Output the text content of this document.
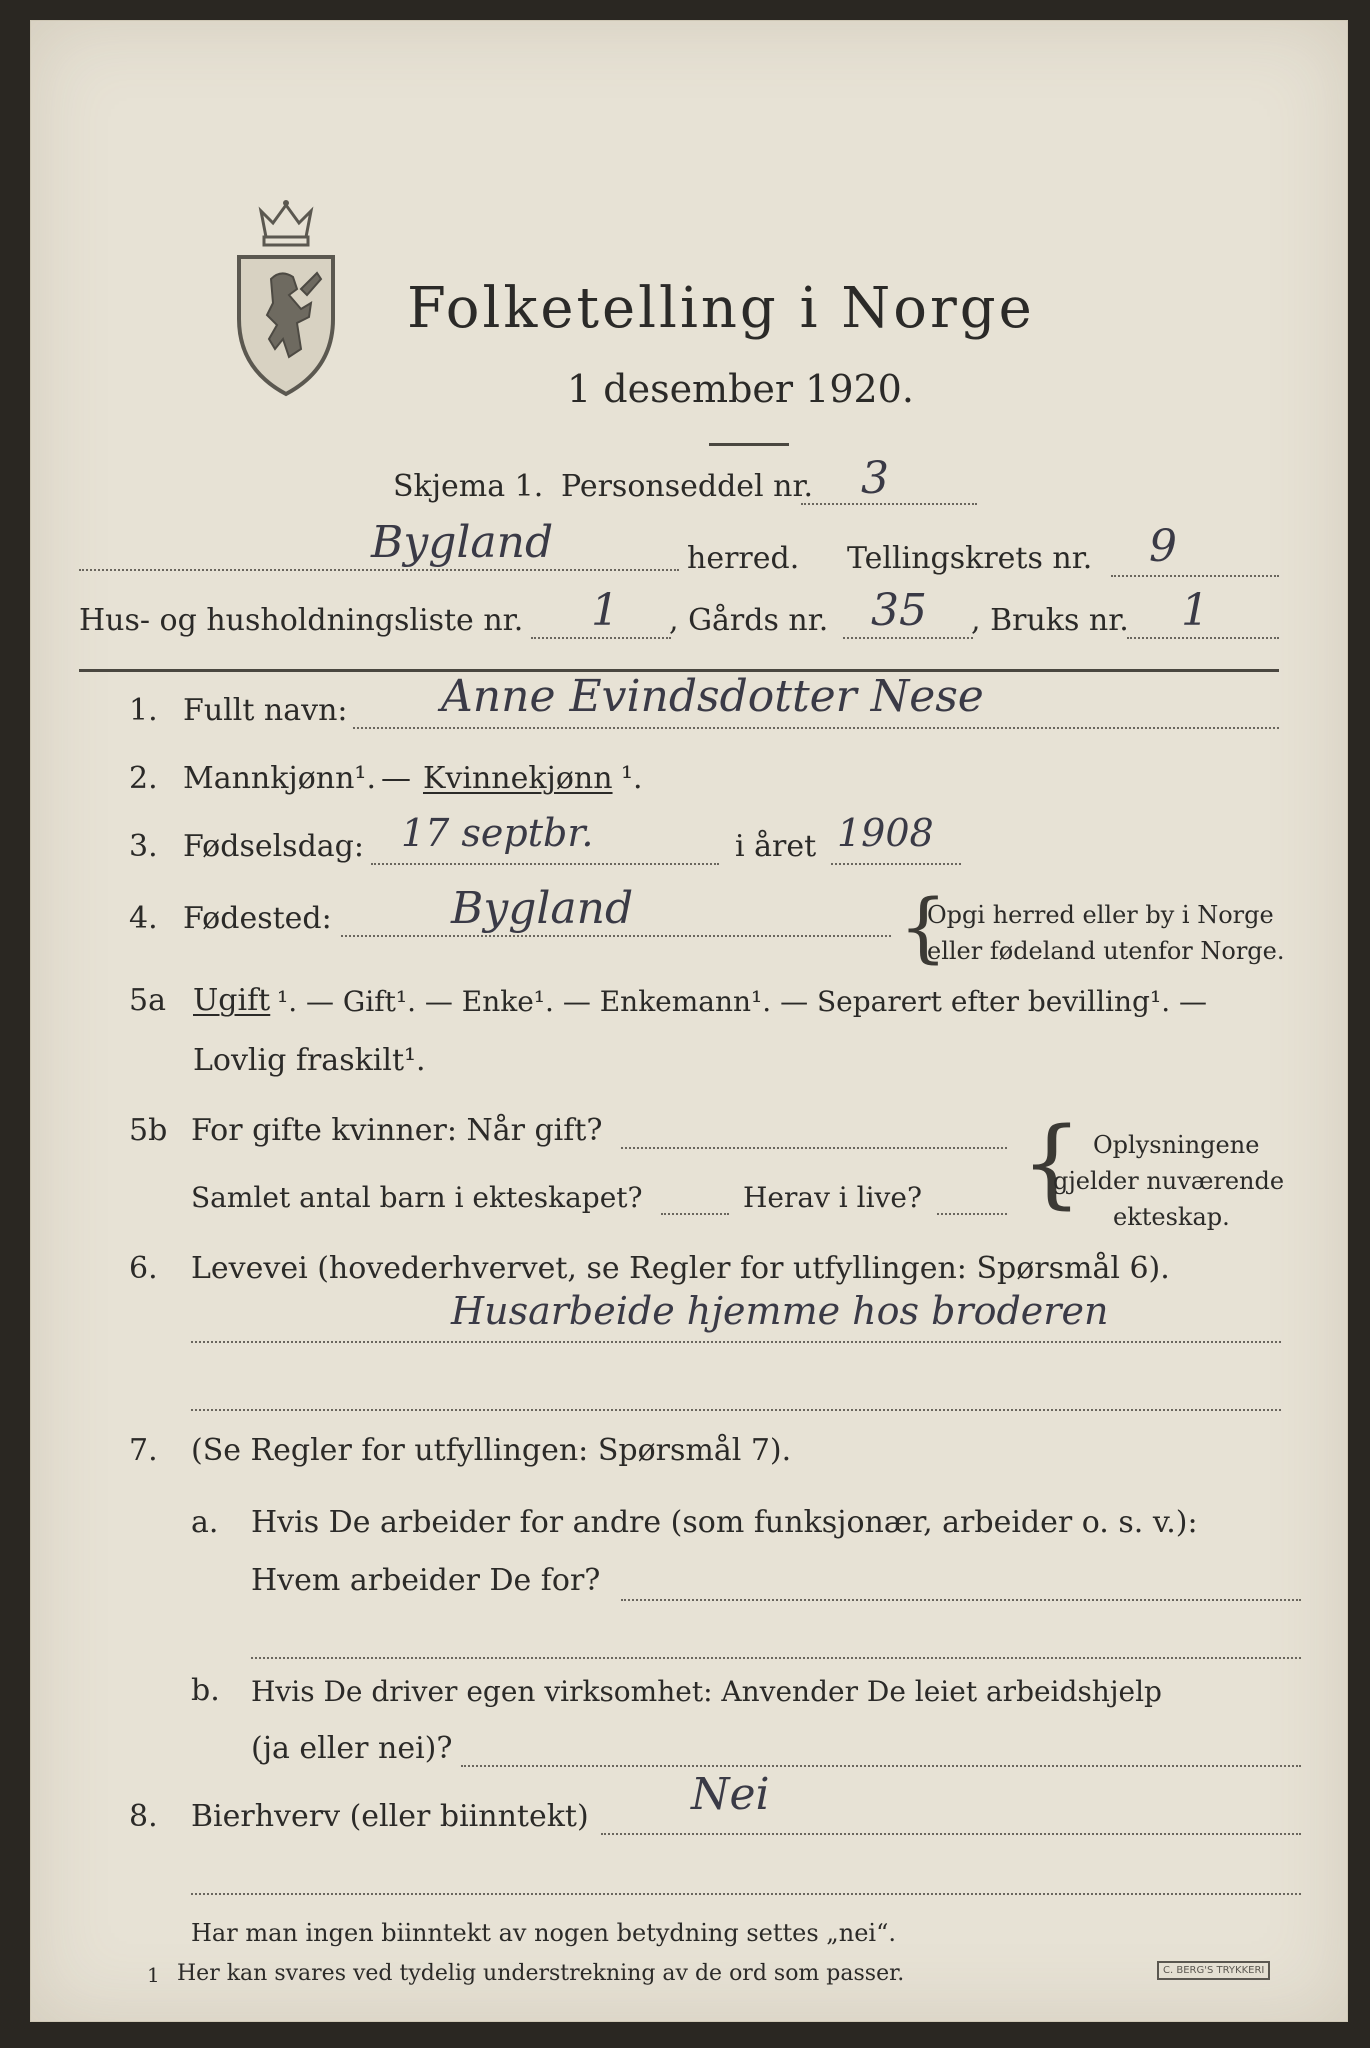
Folketelling i Norge
1 desember 1920.
Skjema 1. Personseddel nr. 3
Bygland	herred. Tellingskrets nr. 9
Hus- og husholdningsliste nr. 1 , Gårds nr. 35 , Bruks nr. 1
1. Fullt navn: Anne Evindsdotter Nese
2. Mannkjønn¹. — Kvinnekjønn ¹.
3. Fødselsdag: 17 septbr.	i året 1908
4. Fødested:	Bygland	{
Opgi herred eller by i Norge
eller fødeland utenfor Norge.
5a Ugift ¹. — Gift¹. — Enke¹. — Enkemann¹. — Separert efter bevilling¹. —
Lovlig fraskilt¹.
5b For gifte kvinner: Når gift?
Samlet antal barn i ekteskapet?	Herav i live? { Oplysningene
gjelder nuværende
ekteskap.
6. Levevei (hovederhvervet, se Regler for utfyllingen: Spørsmål 6).
Husarbeide hjemme hos broderen
7. (Se Regler for utfyllingen: Spørsmål 7).
a. Hvis De arbeider for andre (som funksjonær, arbeider o. s. v.):
Hvem arbeider De for?
b. Hvis De driver egen virksomhet: Anvender De leiet arbeidshjelp
(ja eller nei)?
8. Bierhverv (eller biinntekt) Nei
Har man ingen biinntekt av nogen betydning settes „nei“.
1 Her kan svares ved tydelig understrekning av de ord som passer.	C. BERG'S TRYKKERI
